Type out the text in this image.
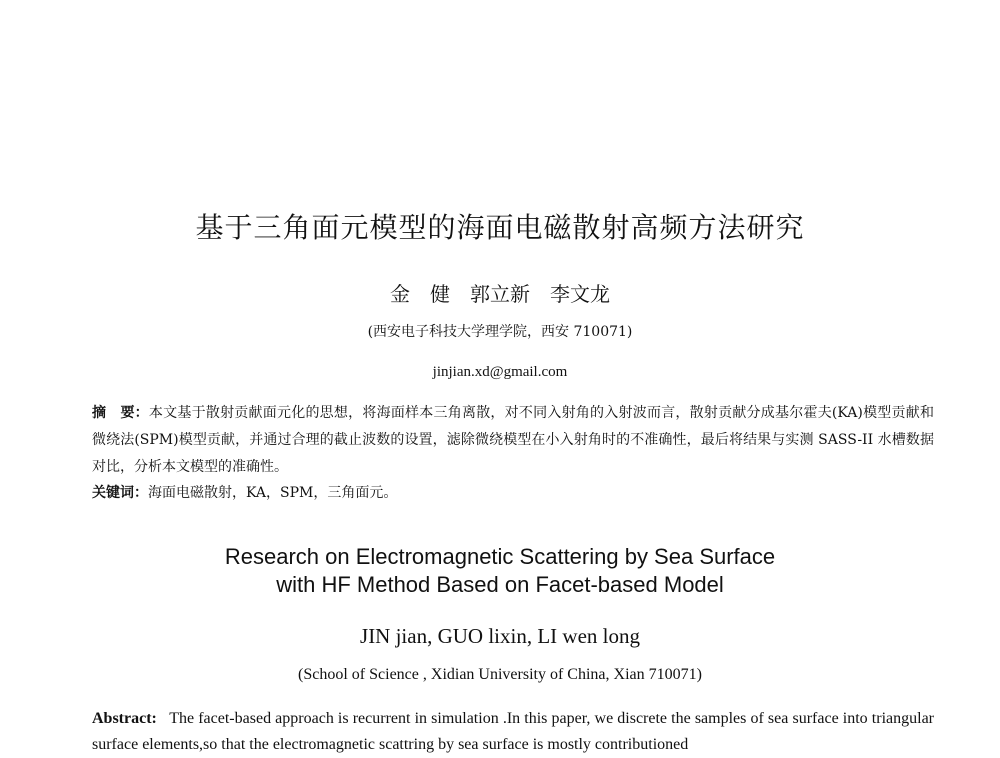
基于三角面元模型的海面电磁散射高频方法研究
金　健　郭立新　李文龙
(西安电子科技大学理学院，西安 710071)
jinjian.xd@gmail.com
摘　要：本文基于散射贡献面元化的思想，将海面样本三角离散，对不同入射角的入射波而言，散射贡献分成基尔霍夫(KA)模型贡献和微绕法(SPM)模型贡献，并通过合理的截止波数的设置，滤除微绕模型在小入射角时的不准确性，最后将结果与实测 SASS-II 水槽数据对比，分析本文模型的准确性。
关键词：海面电磁散射，KA，SPM，三角面元。
Research on Electromagnetic Scattering by Sea Surface
with HF Method Based on Facet-based Model
JIN jian, GUO lixin, LI wen long
(School of Science , Xidian University of China, Xian 710071)
Abstract: The facet-based approach is recurrent in simulation .In this paper, we discrete the samples of sea surface into triangular surface elements,so that the electromagnetic scattring by sea surface is mostly contributioned
